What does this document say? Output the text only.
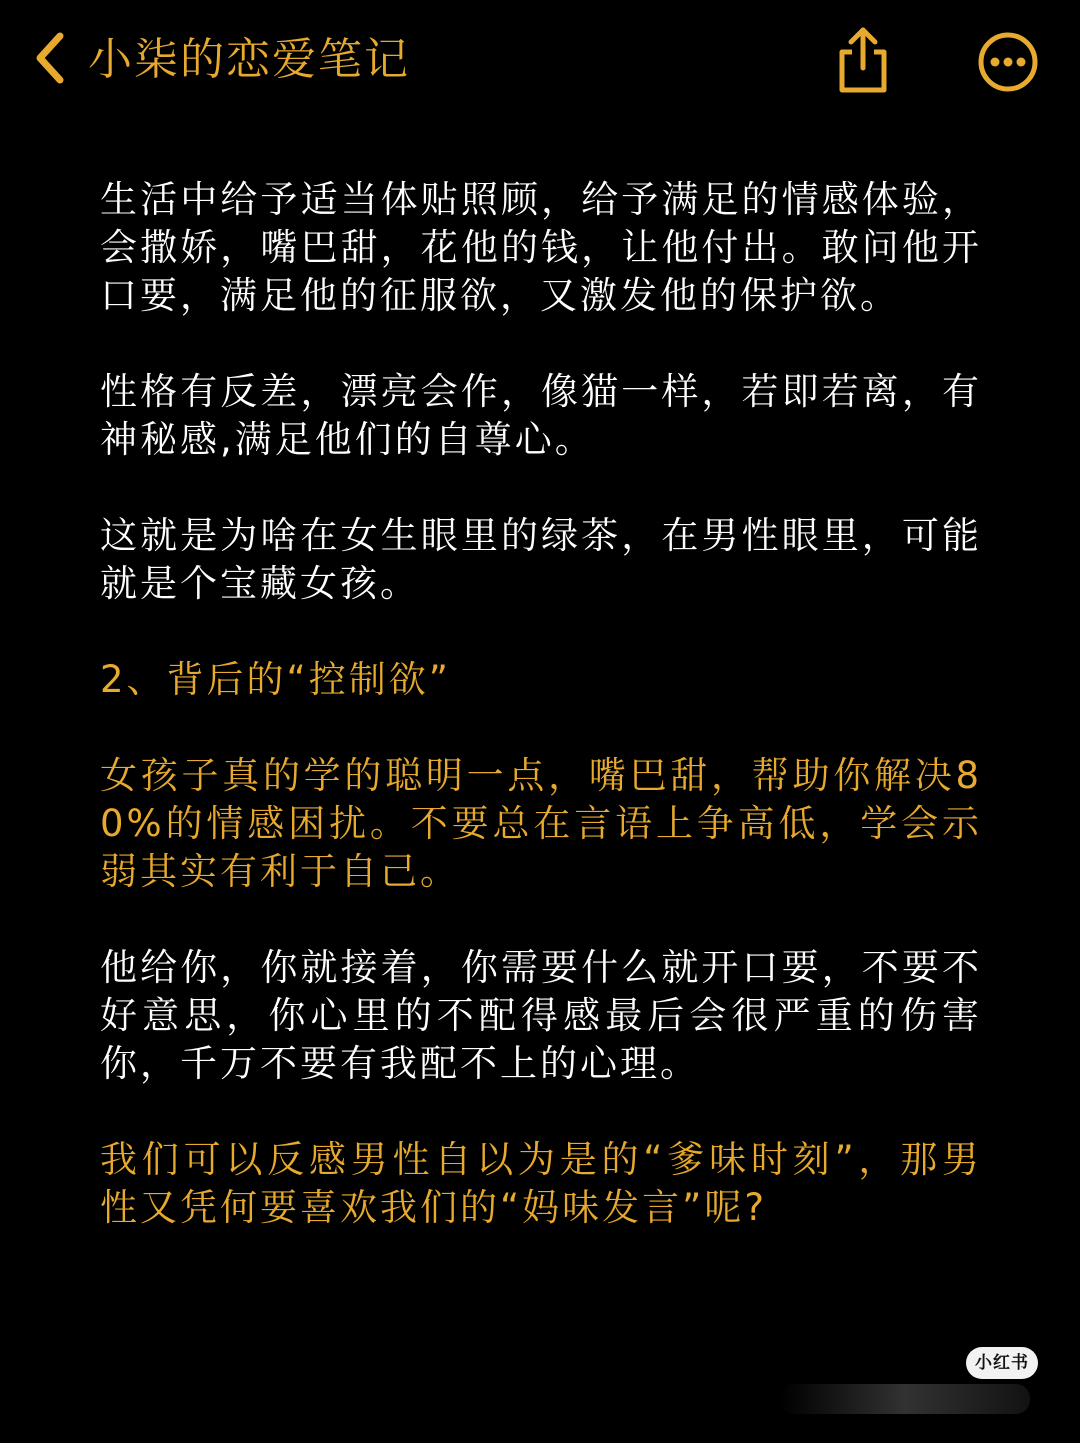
小柒的恋爱笔记

生活中给予适当体贴照顾，给予满足的情感体验，会撒娇，嘴巴甜，花他的钱，让他付出。敢问他开口要，满足他的征服欲，又激发他的保护欲。

性格有反差，漂亮会作，像猫一样，若即若离，有神秘感,满足他们的自尊心。

这就是为啥在女生眼里的绿茶，在男性眼里，可能就是个宝藏女孩。

2、背后的“控制欲”

女孩子真的学的聪明一点，嘴巴甜，帮助你解决80%的情感困扰。不要总在言语上争高低，学会示弱其实有利于自己。

他给你，你就接着，你需要什么就开口要，不要不好意思，你心里的不配得感最后会很严重的伤害你，千万不要有我配不上的心理。

我们可以反感男性自以为是的“爹味时刻”，那男性又凭何要喜欢我们的“妈味发言”呢?

小红书
